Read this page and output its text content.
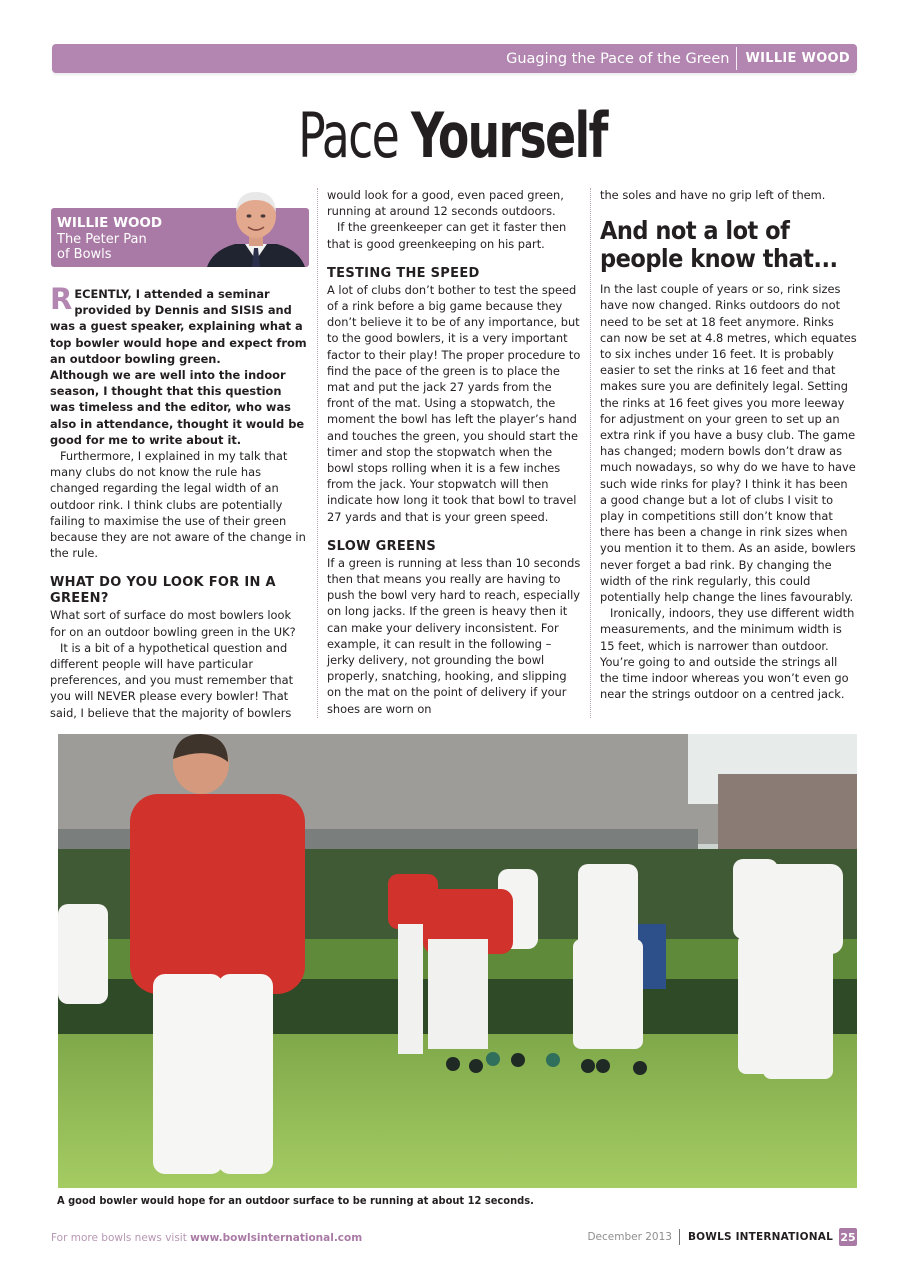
Guaging the Pace of the Green	WILLIE WOOD
Pace Yourself
WILLIE WOOD
The Peter Pan
of Bowls

RECENTLY, I attended a seminar provided by Dennis and SISIS and was a guest speaker, explaining what a top bowler would hope and expect from an outdoor bowling green.

Although we are well into the indoor season, I thought that this question was timeless and the editor, who was also in attendance, thought it would be good for me to write about it.

Furthermore, I explained in my talk that many clubs do not know the rule has changed regarding the legal width of an outdoor rink. I think clubs are potentially failing to maximise the use of their green because they are not aware of the change in the rule.

WHAT DO YOU LOOK FOR IN A GREEN?

What sort of surface do most bowlers look for on an outdoor bowling green in the UK?

It is a bit of a hypothetical question and different people will have particular preferences, and you must remember that you will NEVER please every bowler! That said, I believe that the majority of bowlers

would look for a good, even paced green, running at around 12 seconds outdoors.

If the greenkeeper can get it faster then that is good greenkeeping on his part.

TESTING THE SPEED

A lot of clubs don’t bother to test the speed of a rink before a big game because they don’t believe it to be of any importance, but to the good bowlers, it is a very important factor to their play! The proper procedure to find the pace of the green is to place the mat and put the jack 27 yards from the front of the mat. Using a stopwatch, the moment the bowl has left the player’s hand and touches the green, you should start the timer and stop the stopwatch when the bowl stops rolling when it is a few inches from the jack. Your stopwatch will then indicate how long it took that bowl to travel 27 yards and that is your green speed.

SLOW GREENS

If a green is running at less than 10 seconds then that means you really are having to push the bowl very hard to reach, especially on long jacks. If the green is heavy then it can make your delivery inconsistent. For example, it can result in the following – jerky delivery, not grounding the bowl properly, snatching, hooking, and slipping on the mat on the point of delivery if your shoes are worn on

the soles and have no grip left of them.

And not a lot of
people know that...

In the last couple of years or so, rink sizes have now changed. Rinks outdoors do not need to be set at 18 feet anymore. Rinks can now be set at 4.8 metres, which equates to six inches under 16 feet. It is probably easier to set the rinks at 16 feet and that makes sure you are definitely legal. Setting the rinks at 16 feet gives you more leeway for adjustment on your green to set up an extra rink if you have a busy club. The game has changed; modern bowls don’t draw as much nowadays, so why do we have to have such wide rinks for play? I think it has been a good change but a lot of clubs I visit to play in competitions still don’t know that there has been a change in rink sizes when you mention it to them. As an aside, bowlers never forget a bad rink. By changing the width of the rink regularly, this could potentially help change the lines favourably.

Ironically, indoors, they use different width measurements, and the minimum width is 15 feet, which is narrower than outdoor. You’re going to and outside the strings all the time indoor whereas you won’t even go near the strings outdoor on a centred jack.

A good bowler would hope for an outdoor surface to be running at about 12 seconds.
For more bowls news visit www.bowlsinternational.com	December 2013	BOWLS INTERNATIONAL 25
